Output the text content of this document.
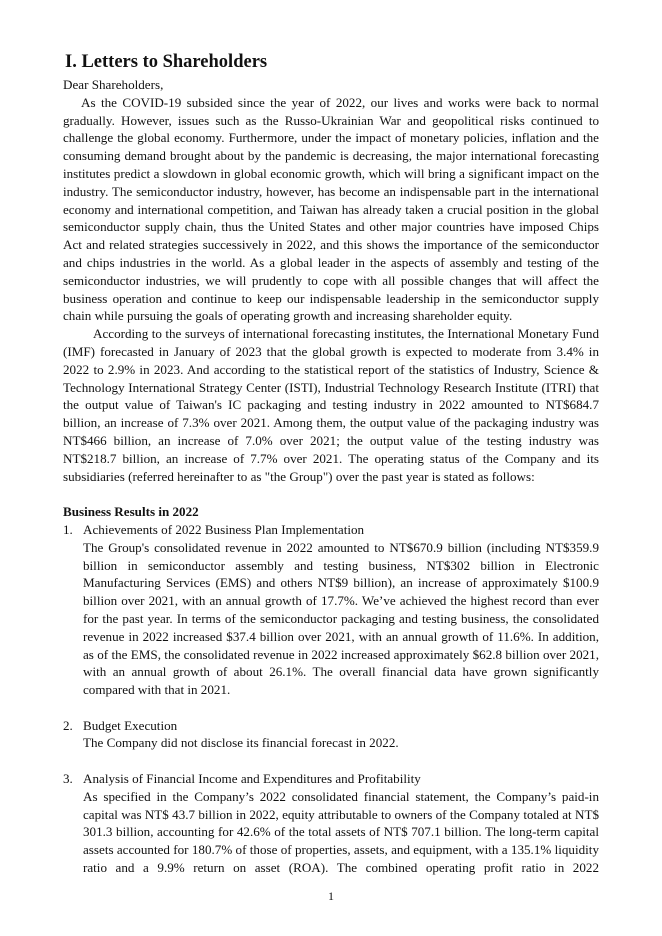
I. Letters to Shareholders

Dear Shareholders,

As the COVID-19 subsided since the year of 2022, our lives and works were back to normal gradually. However, issues such as the Russo-Ukrainian War and geopolitical risks continued to challenge the global economy. Furthermore, under the impact of monetary policies, inflation and the consuming demand brought about by the pandemic is decreasing, the major international forecasting institutes predict a slowdown in global economic growth, which will bring a significant impact on the industry. The semiconductor industry, however, has become an indispensable part in the international economy and international competition, and Taiwan has already taken a crucial position in the global semiconductor supply chain, thus the United States and other major countries have imposed Chips Act and related strategies successively in 2022, and this shows the importance of the semiconductor and chips industries in the world. As a global leader in the aspects of assembly and testing of the semiconductor industries, we will prudently to cope with all possible changes that will affect the business operation and continue to keep our indispensable leadership in the semiconductor supply chain while pursuing the goals of operating growth and increasing shareholder equity.

According to the surveys of international forecasting institutes, the International Monetary Fund (IMF) forecasted in January of 2023 that the global growth is expected to moderate from 3.4% in 2022 to 2.9% in 2023. And according to the statistical report of the statistics of Industry, Science & Technology International Strategy Center (ISTI), Industrial Technology Research Institute (ITRI) that the output value of Taiwan's IC packaging and testing industry in 2022 amounted to NT$684.7 billion, an increase of 7.3% over 2021. Among them, the output value of the packaging industry was NT$466 billion, an increase of 7.0% over 2021; the output value of the testing industry was NT$218.7 billion, an increase of 7.7% over 2021. The operating status of the Company and its subsidiaries (referred hereinafter to as "the Group") over the past year is stated as follows:

Business Results in 2022

1. Achievements of 2022 Business Plan Implementation

The Group's consolidated revenue in 2022 amounted to NT$670.9 billion (including NT$359.9 billion in semiconductor assembly and testing business, NT$302 billion in Electronic Manufacturing Services (EMS) and others NT$9 billion), an increase of approximately $100.9 billion over 2021, with an annual growth of 17.7%. We’ve achieved the highest record than ever for the past year. In terms of the semiconductor packaging and testing business, the consolidated revenue in 2022 increased $37.4 billion over 2021, with an annual growth of 11.6%. In addition, as of the EMS, the consolidated revenue in 2022 increased approximately $62.8 billion over 2021, with an annual growth of about 26.1%. The overall financial data have grown significantly compared with that in 2021.

2. Budget Execution

The Company did not disclose its financial forecast in 2022.

3. Analysis of Financial Income and Expenditures and Profitability

As specified in the Company’s 2022 consolidated financial statement, the Company’s paid-in capital was NT$ 43.7 billion in 2022, equity attributable to owners of the Company totaled at NT$ 301.3 billion, accounting for 42.6% of the total assets of NT$ 707.1 billion. The long-term capital assets accounted for 180.7% of those of properties, assets, and equipment, with a 135.1% liquidity ratio and a 9.9% return on asset (ROA). The combined operating profit ratio in 2022

1
